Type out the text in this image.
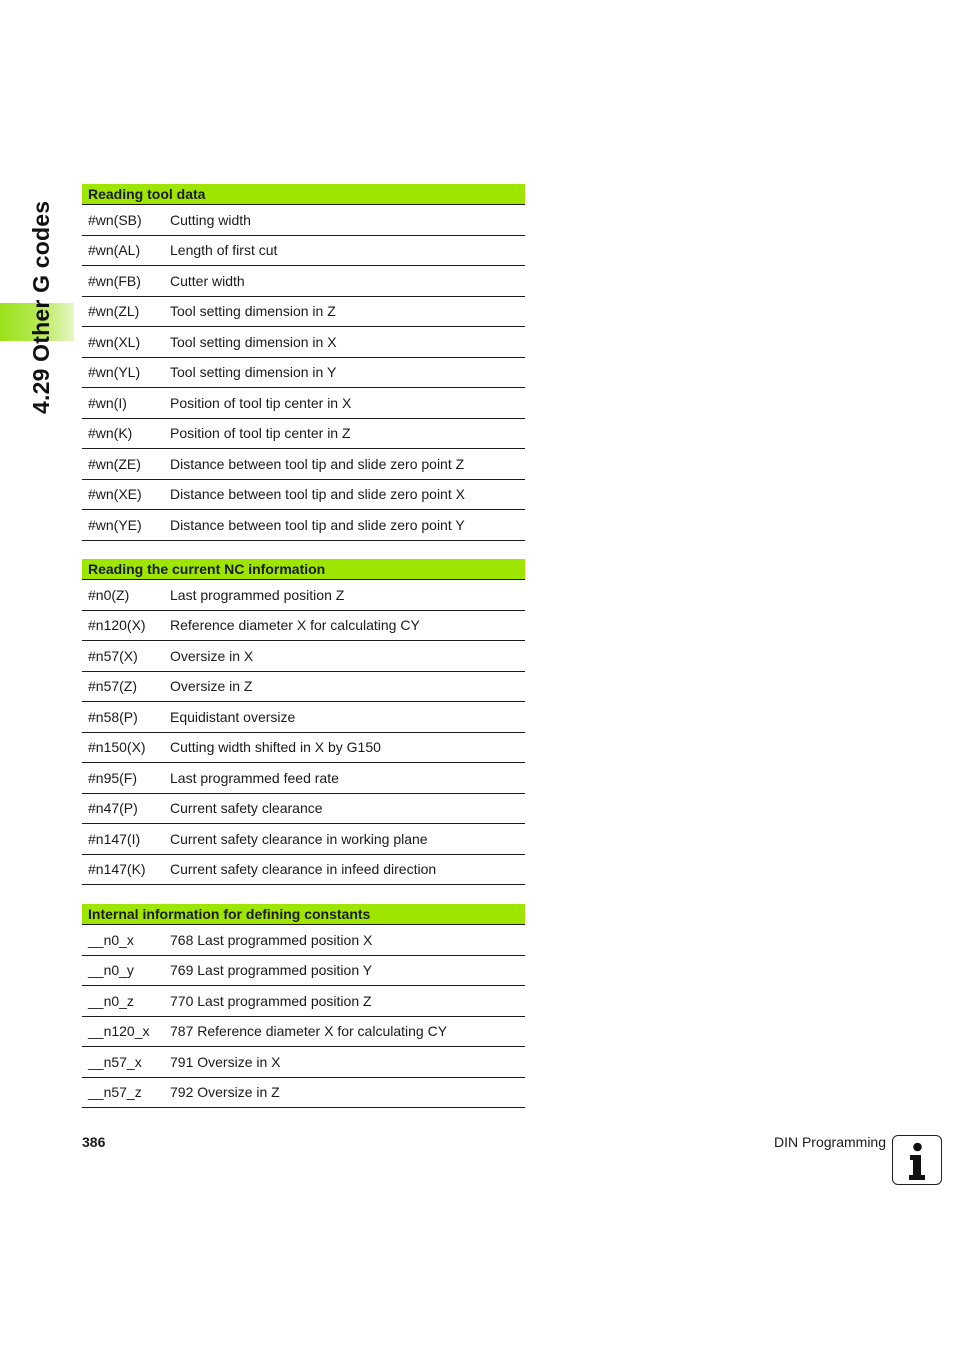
4.29 Other G codes
Reading tool data	
#wn(SB)	Cutting width
#wn(AL)	Length of first cut
#wn(FB)	Cutter width
#wn(ZL)	Tool setting dimension in Z
#wn(XL)	Tool setting dimension in X
#wn(YL)	Tool setting dimension in Y
#wn(I)	Position of tool tip center in X
#wn(K)	Position of tool tip center in Z
#wn(ZE)	Distance between tool tip and slide zero point Z
#wn(XE)	Distance between tool tip and slide zero point X
#wn(YE)	Distance between tool tip and slide zero point Y
Reading the current NC information	
#n0(Z)	Last programmed position Z
#n120(X)	Reference diameter X for calculating CY
#n57(X)	Oversize in X
#n57(Z)	Oversize in Z
#n58(P)	Equidistant oversize
#n150(X)	Cutting width shifted in X by G150
#n95(F)	Last programmed feed rate
#n47(P)	Current safety clearance
#n147(I)	Current safety clearance in working plane
#n147(K)	Current safety clearance in infeed direction
Internal information for defining constants	
__n0_x	768 Last programmed position X
__n0_y	769 Last programmed position Y
__n0_z	770 Last programmed position Z
__n120_x	787 Reference diameter X for calculating CY
__n57_x	791 Oversize in X
__n57_z	792 Oversize in Z
386	DIN Programming
